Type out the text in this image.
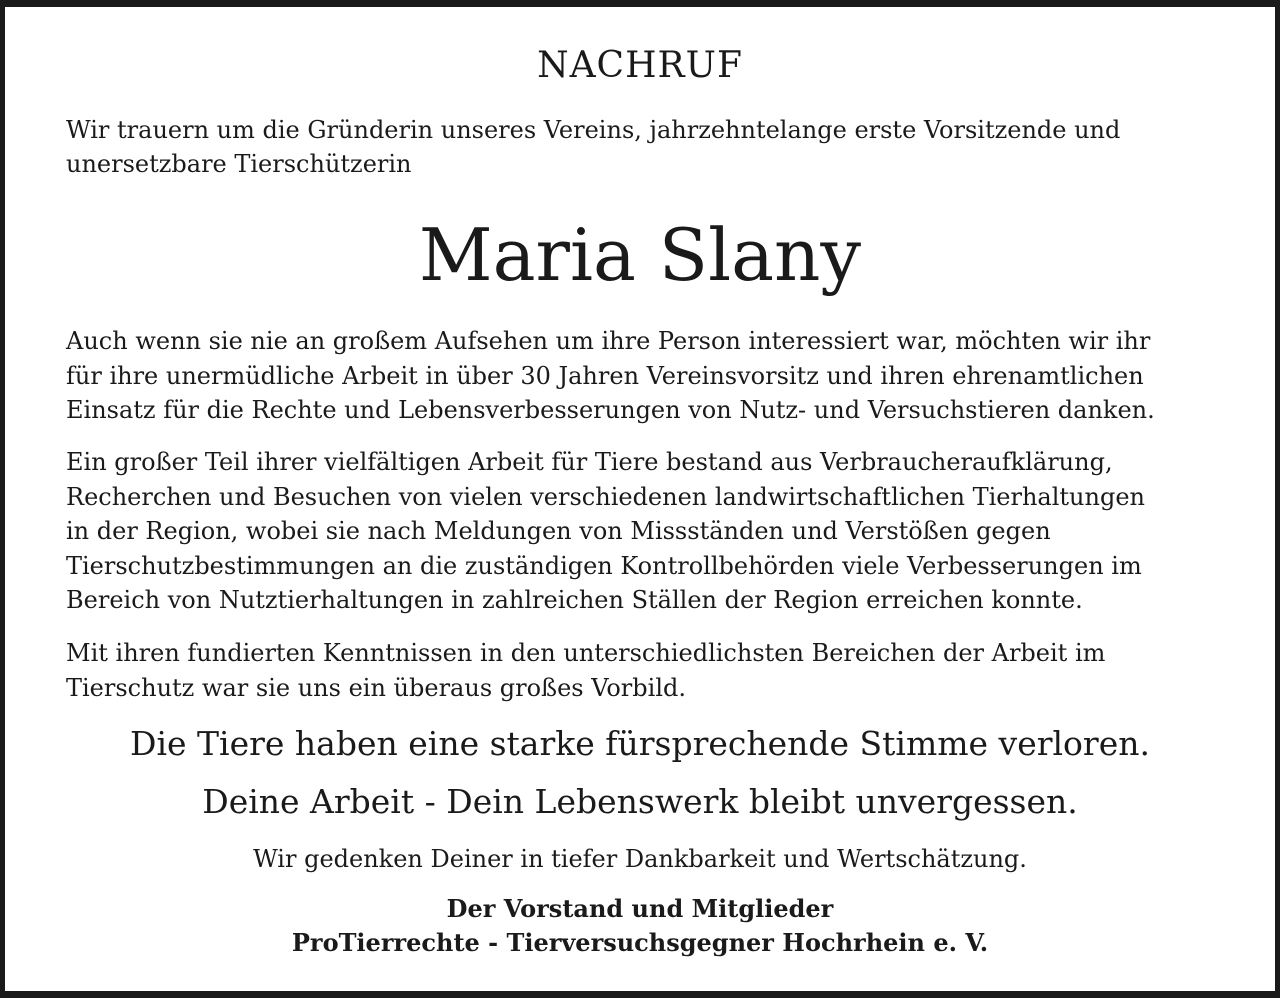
NACHRUF
Wir trauern um die Gründerin unseres Vereins, jahrzehntelange erste Vorsitzende und
unersetzbare Tierschützerin
Maria Slany
Auch wenn sie nie an großem Aufsehen um ihre Person interessiert war, möchten wir ihr
für ihre unermüdliche Arbeit in über 30 Jahren Vereinsvorsitz und ihren ehrenamtlichen
Einsatz für die Rechte und Lebensverbesserungen von Nutz- und Versuchstieren danken.
Ein großer Teil ihrer vielfältigen Arbeit für Tiere bestand aus Verbraucheraufklärung,
Recherchen und Besuchen von vielen verschiedenen landwirtschaftlichen Tierhaltungen
in der Region, wobei sie nach Meldungen von Missständen und Verstößen gegen
Tierschutzbestimmungen an die zuständigen Kontrollbehörden viele Verbesserungen im
Bereich von Nutztierhaltungen in zahlreichen Ställen der Region erreichen konnte.
Mit ihren fundierten Kenntnissen in den unterschiedlichsten Bereichen der Arbeit im
Tierschutz war sie uns ein überaus großes Vorbild.
Die Tiere haben eine starke fürsprechende Stimme verloren.
Deine Arbeit - Dein Lebenswerk bleibt unvergessen.
Wir gedenken Deiner in tiefer Dankbarkeit und Wertschätzung.
Der Vorstand und Mitglieder
ProTierrechte - Tierversuchsgegner Hochrhein e. V.
